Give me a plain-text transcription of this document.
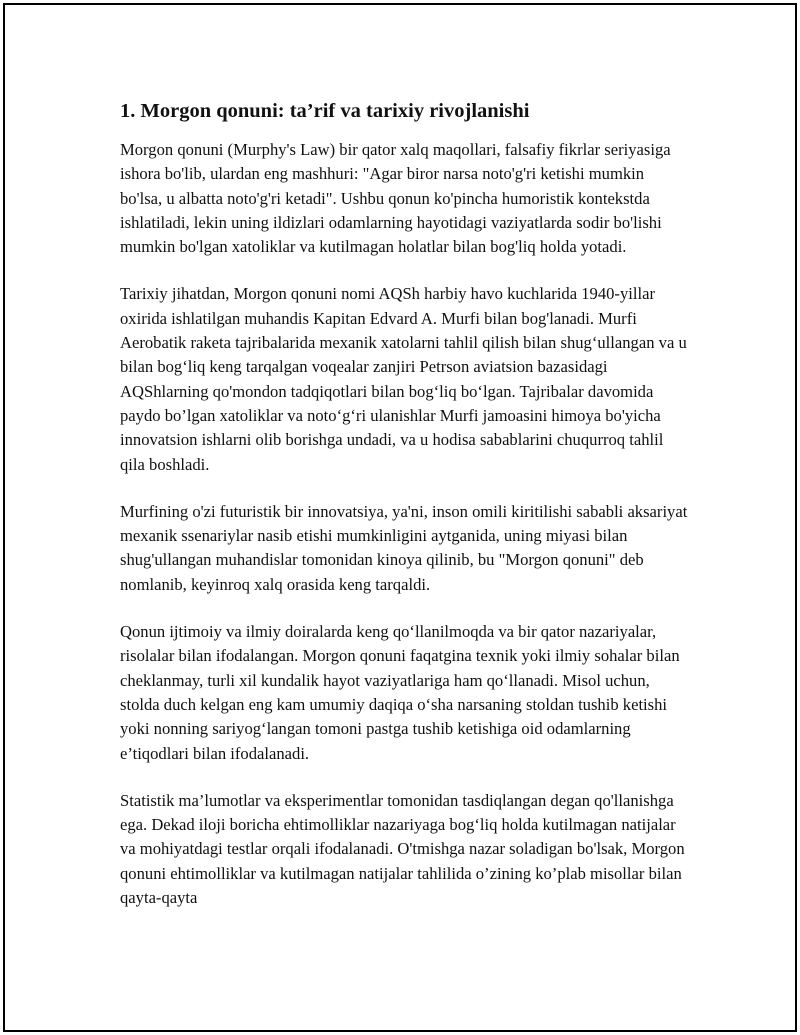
1. Morgon qonuni: ta’rif va tarixiy rivojlanishi

Morgon qonuni (Murphy's Law) bir qator xalq maqollari, falsafiy fikrlar seriyasiga ishora bo'lib, ulardan eng mashhuri: "Agar biror narsa noto'g'ri ketishi mumkin bo'lsa, u albatta noto'g'ri ketadi". Ushbu qonun ko'pincha humoristik kontekstda ishlatiladi, lekin uning ildizlari odamlarning hayotidagi vaziyatlarda sodir bo'lishi mumkin bo'lgan xatoliklar va kutilmagan holatlar bilan bog'liq holda yotadi.

Tarixiy jihatdan, Morgon qonuni nomi AQSh harbiy havo kuchlarida 1940-yillar oxirida ishlatilgan muhandis Kapitan Edvard A. Murfi bilan bog'lanadi. Murfi Aerobatik raketa tajribalarida mexanik xatolarni tahlil qilish bilan shug‘ullangan va u bilan bog‘liq keng tarqalgan voqealar zanjiri Petrson aviatsion bazasidagi AQShlarning qo'mondon tadqiqotlari bilan bog‘liq bo‘lgan. Tajribalar davomida paydo bo’lgan xatoliklar va noto‘g‘ri ulanishlar Murfi jamoasini himoya bo'yicha innovatsion ishlarni olib borishga undadi, va u hodisa sabablarini chuqurroq tahlil qila boshladi.

Murfining o'zi futuristik bir innovatsiya, ya'ni, inson omili kiritilishi sababli aksariyat mexanik ssenariylar nasib etishi mumkinligini aytganida, uning miyasi bilan shug'ullangan muhandislar tomonidan kinoya qilinib, bu "Morgon qonuni" deb nomlanib, keyinroq xalq orasida keng tarqaldi.

Qonun ijtimoiy va ilmiy doiralarda keng qo‘llanilmoqda va bir qator nazariyalar, risolalar bilan ifodalangan. Morgon qonuni faqatgina texnik yoki ilmiy sohalar bilan cheklanmay, turli xil kundalik hayot vaziyatlariga ham qo‘llanadi. Misol uchun, stolda duch kelgan eng kam umumiy daqiqa o‘sha narsaning stoldan tushib ketishi yoki nonning sariyog‘langan tomoni pastga tushib ketishiga oid odamlarning e’tiqodlari bilan ifodalanadi.

Statistik ma’lumotlar va eksperimentlar tomonidan tasdiqlangan degan qo'llanishga ega. Dekad iloji boricha ehtimolliklar nazariyaga bog‘liq holda kutilmagan natijalar va mohiyatdagi testlar orqali ifodalanadi. O'tmishga nazar soladigan bo'lsak, Morgon qonuni ehtimolliklar va kutilmagan natijalar tahlilida o’zining ko’plab misollar bilan qayta-qayta
